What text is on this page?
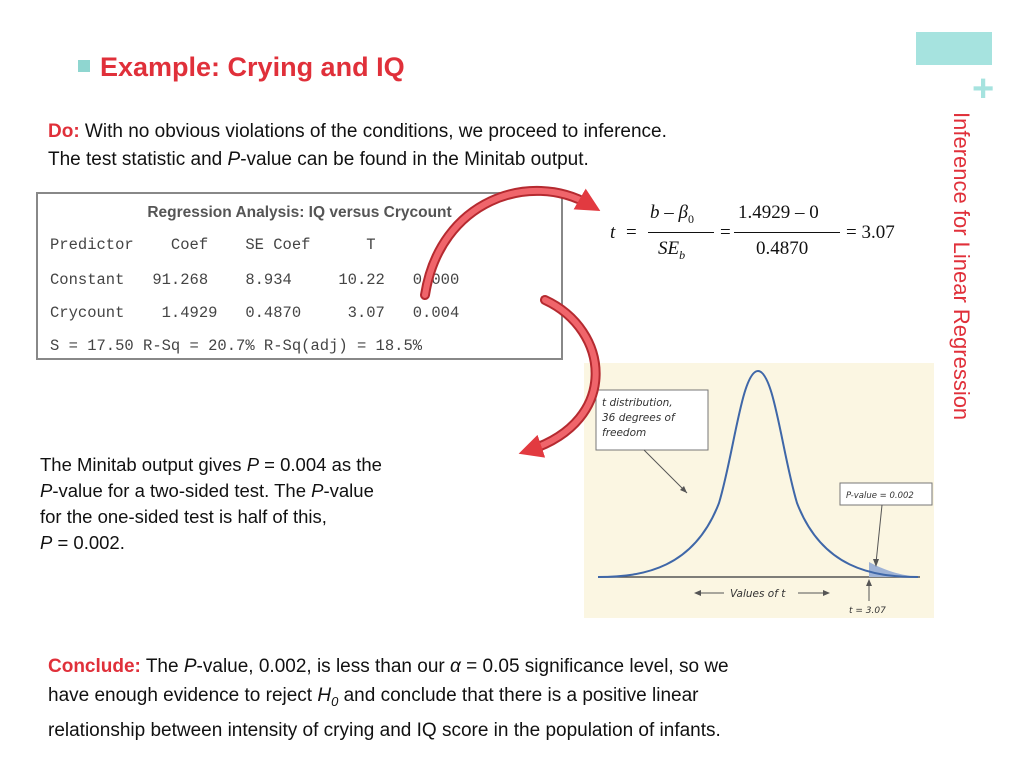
+
Inference for Linear Regression
Example: Crying and IQ
Do: With no obvious violations of the conditions, we proceed to inference.
The test statistic and P-value can be found in the Minitab output.
Regression Analysis: IQ versus Crycount
Predictor    Coef    SE Coef      T       P
Constant   91.268    8.934     10.22   0.000
Crycount    1.4929   0.4870     3.07   0.004
S = 17.50 R-Sq = 20.7% R-Sq(adj) = 18.5%
t =
b – $\beta_0$
$SE_b$
=
1.4929 – 0
0.4870
= 3.07
The Minitab output gives P = 0.004 as the
P-value for a two-sided test. The P-value
for the one-sided test is half of this,
P = 0.002.
t distribution,
36 degrees of
freedom
P-value = 0.002
Values of t
t = 3.07
Conclude: The P-value, 0.002, is less than our α = 0.05 significance level, so we
have enough evidence to reject $H_0$ and conclude that there is a positive linear
relationship between intensity of crying and IQ score in the population of infants.
